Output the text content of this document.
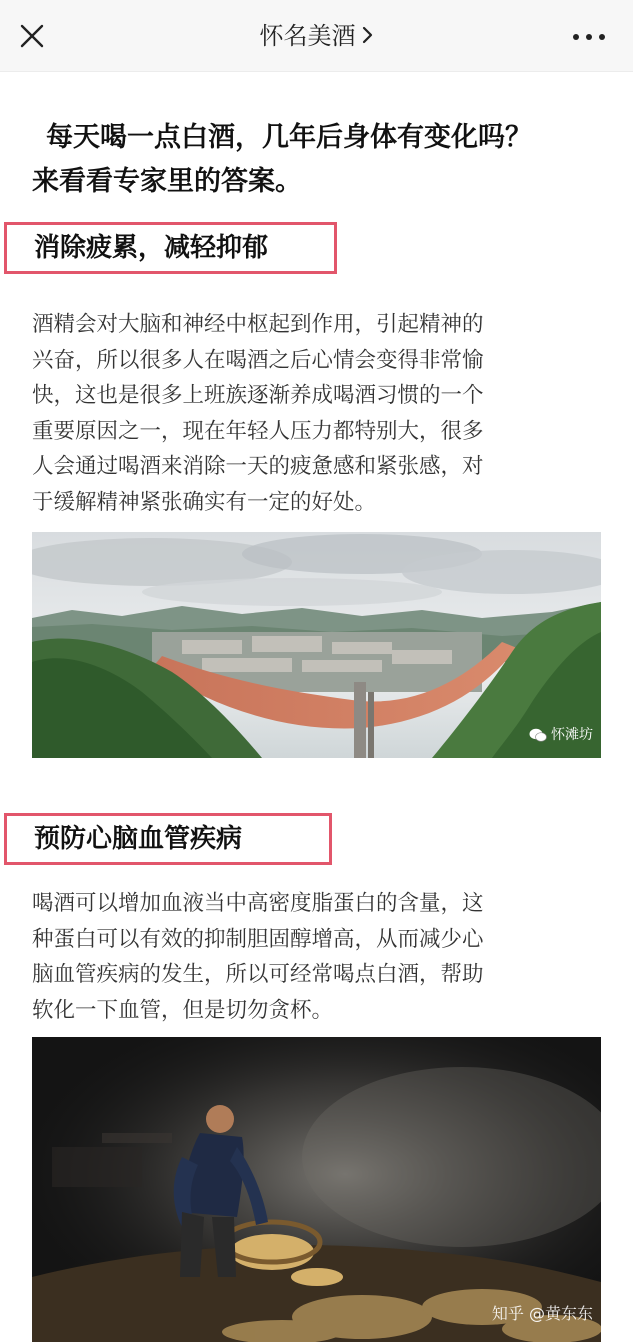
怀名美酒
每天喝一点白酒，几年后身体有变化吗？
来看看专家里的答案。
消除疲累，减轻抑郁

酒精会对大脑和神经中枢起到作用，引起精神的
兴奋，所以很多人在喝酒之后心情会变得非常愉
快，这也是很多上班族逐渐养成喝酒习惯的一个
重要原因之一，现在年轻人压力都特别大，很多
人会通过喝酒来消除一天的疲惫感和紧张感，对
于缓解精神紧张确实有一定的好处。

怀滩坊
预防心脑血管疾病

喝酒可以增加血液当中高密度脂蛋白的含量，这
种蛋白可以有效的抑制胆固醇增高，从而减少心
脑血管疾病的发生，所以可经常喝点白酒，帮助
软化一下血管，但是切勿贪杯。

知乎 @黄东东
